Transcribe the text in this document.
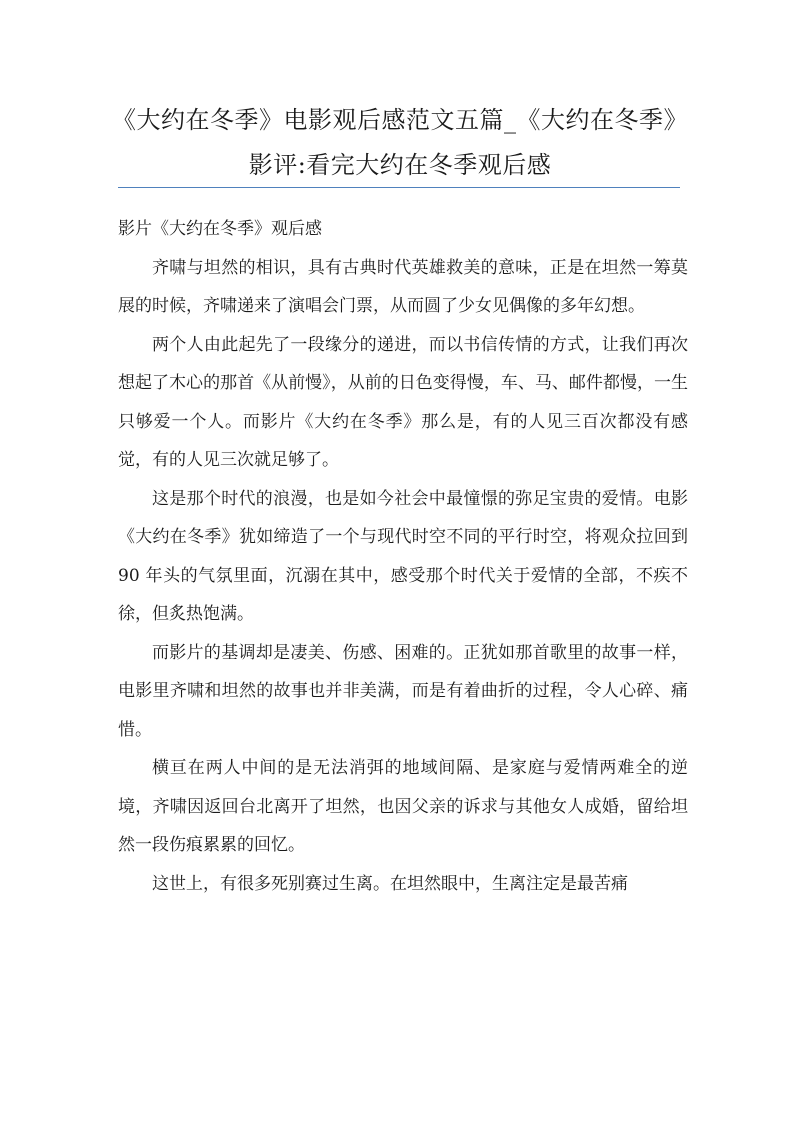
《大约在冬季》电影观后感范文五篇_《大约在冬季》
影评:看完大约在冬季观后感

影片《大约在冬季》观后感

齐啸与坦然的相识，具有古典时代英雄救美的意味，正是在坦然一筹莫展的时候，齐啸递来了演唱会门票，从而圆了少女见偶像的多年幻想。

两个人由此起先了一段缘分的递进，而以书信传情的方式，让我们再次想起了木心的那首《从前慢》，从前的日色变得慢，车、马、邮件都慢，一生只够爱一个人。而影片《大约在冬季》那么是，有的人见三百次都没有感觉，有的人见三次就足够了。

这是那个时代的浪漫，也是如今社会中最憧憬的弥足宝贵的爱情。电影《大约在冬季》犹如缔造了一个与现代时空不同的平行时空，将观众拉回到 90 年头的气氛里面，沉溺在其中，感受那个时代关于爱情的全部，不疾不徐，但炙热饱满。

而影片的基调却是凄美、伤感、困难的。正犹如那首歌里的故事一样，电影里齐啸和坦然的故事也并非美满，而是有着曲折的过程，令人心碎、痛惜。

横亘在两人中间的是无法消弭的地域间隔、是家庭与爱情两难全的逆境，齐啸因返回台北离开了坦然，也因父亲的诉求与其他女人成婚，留给坦然一段伤痕累累的回忆。

这世上，有很多死别赛过生离。在坦然眼中，生离注定是最苦痛
